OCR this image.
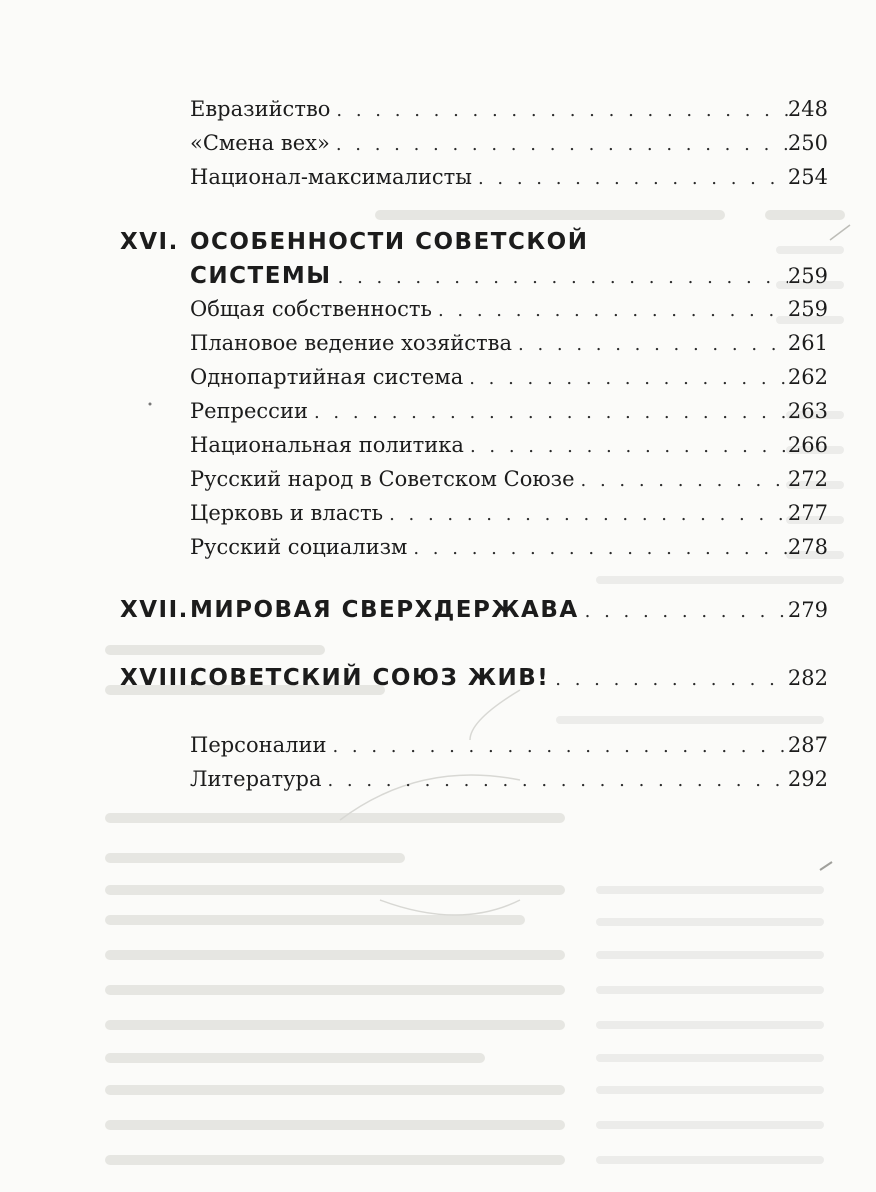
Евразийство . . .	248
«Смена вех» . . .	250
Национал-максималисты . . .	254
XVI. ОСОБЕННОСТИ СОВЕТСКОЙ
СИСТЕМЫ . . .	259
Общая собственность . . .	259
Плановое ведение хозяйства . . .	261
Однопартийная система . . .	262
Репрессии . . .	263
Национальная политика . . .	266
Русский народ в Советском Союзе . . .	272
Церковь и власть . . .	277
Русский социализм . . .	278
XVII. МИРОВАЯ СВЕРХДЕРЖАВА . . .	279
XVIII.
СОВЕТСКИЙ СОЮЗ ЖИВ! . . .	282
Персоналии . . .	287
Литература . . .	292
